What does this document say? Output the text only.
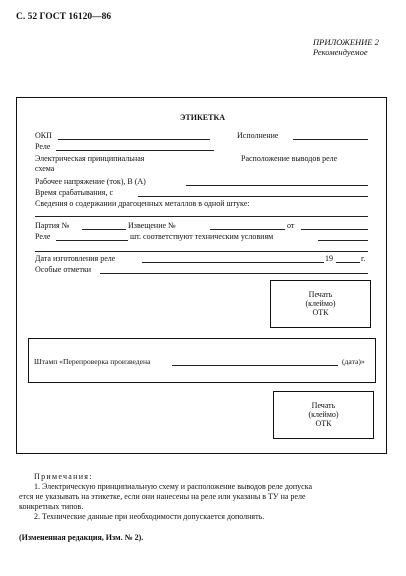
С. 52 ГОСТ 16120—86
ПРИЛОЖЕНИЕ 2
Рекомендуемое
ЭТИКЕТКА
ОКП	Исполнение
Реле
Электрическая принципиальная
схема
Расположение выводов реле
Рабочее напряжение (ток), В (А)
Время срабатывания, с
Сведения о содержании драгоценных металлов в одной штуке:
Партия №	Извещение №	от
Реле	шт. соответствуют техническим условиям
Дата изготовления реле	19	г.
Особые отметки
Печать
(клеймо)
ОТК
Штамп «Перепроверка произведена	(дата)»
Печать
(клеймо)
ОТК
Примечания:
1. Электрическую принципиальную схему и расположение выводов реле допуска
ется не указывать на этикетке, если они нанесены на реле или указаны в ТУ на реле
конкретных типов.
2. Технические данные при необходимости допускается дополнять.
(Измененная редакция, Изм. № 2).
